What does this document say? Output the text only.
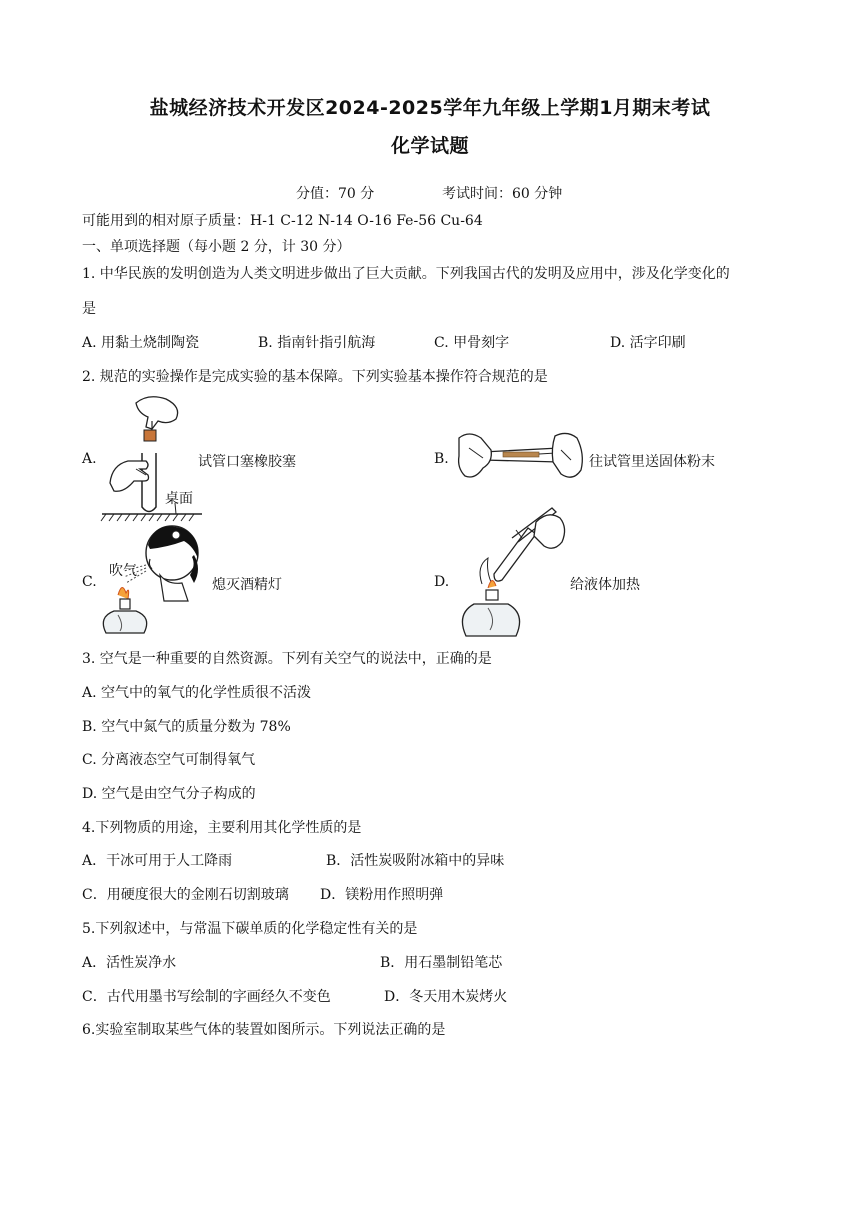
盐城经济技术开发区2024-2025学年九年级上学期1月期末考试
化学试题
分值：70 分	考试时间：60 分钟
可能用到的相对原子质量：H-1 C-12 N-14 O-16 Fe-56 Cu-64
一、单项选择题（每小题 2 分，计 30 分）
1. 中华民族的发明创造为人类文明进步做出了巨大贡献。下列我国古代的发明及应用中，涉及化学变化的
是
A. 用黏土烧制陶瓷	B. 指南针指引航海	C. 甲骨刻字	D. 活字印刷
2. 规范的实验操作是完成实验的基本保障。下列实验基本操作符合规范的是
A.
桌面
试管口塞橡胶塞	B.	往试管里送固体粉末
C.
吹气
熄灭酒精灯	D.	给液体加热
3. 空气是一种重要的自然资源。下列有关空气的说法中，正确的是
A. 空气中的氧气的化学性质很不活泼
B. 空气中氮气的质量分数为 78%
C. 分离液态空气可制得氧气
D. 空气是由空气分子构成的
4.下列物质的用途，主要利用其化学性质的是
A．干冰可用于人工降雨	B．活性炭吸附冰箱中的异味
C．用硬度很大的金刚石切割玻璃 D．镁粉用作照明弹
5.下列叙述中，与常温下碳单质的化学稳定性有关的是
A．活性炭净水	B．用石墨制铅笔芯
C．古代用墨书写绘制的字画经久不变色	D．冬天用木炭烤火
6.实验室制取某些气体的装置如图所示。下列说法正确的是
